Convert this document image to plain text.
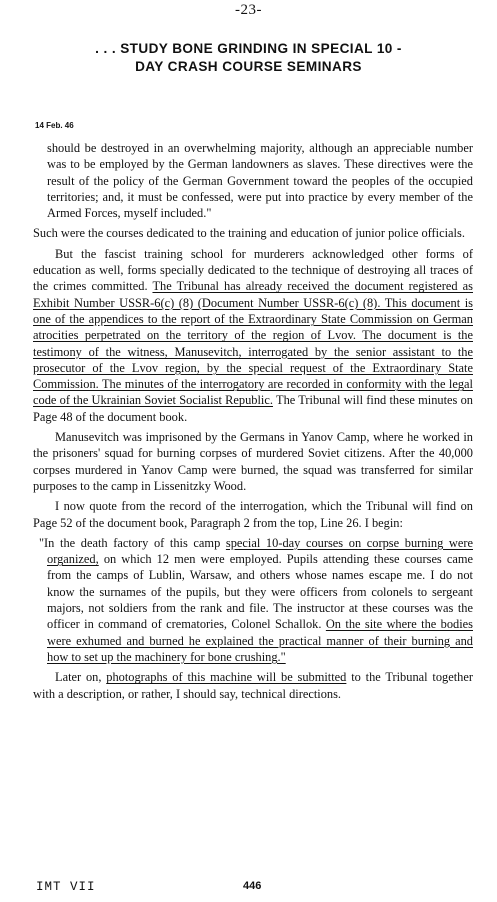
-23-
. . . STUDY BONE GRINDING IN SPECIAL 10 -
DAY CRASH COURSE SEMINARS
14 Feb. 46

should be destroyed in an overwhelming majority, although an appreciable number was to be employed by the German landowners as slaves. These directives were the result of the policy of the German Government toward the peoples of the occupied territories; and, it must be confessed, were put into practice by every member of the Armed Forces, myself included."

Such were the courses dedicated to the training and education of junior police officials.

But the fascist training school for murderers acknowledged other forms of education as well, forms specially dedicated to the technique of destroying all traces of the crimes committed. The Tribunal has already received the document registered as Exhibit Number USSR-6(c) (8) (Document Number USSR-6(c) (8). This document is one of the appendices to the report of the Extraordinary State Commission on German atrocities perpetrated on the territory of the region of Lvov. The document is the testimony of the witness, Manusevitch, interrogated by the senior assistant to the prosecutor of the Lvov region, by the special request of the Extraordinary State Commission. The minutes of the interrogatory are recorded in conformity with the legal code of the Ukrainian Soviet Socialist Republic. The Tribunal will find these minutes on Page 48 of the document book.

Manusevitch was imprisoned by the Germans in Yanov Camp, where he worked in the prisoners' squad for burning corpses of murdered Soviet citizens. After the 40,000 corpses murdered in Yanov Camp were burned, the squad was transferred for similar purposes to the camp in Lissenitzky Wood.

I now quote from the record of the interrogation, which the Tribunal will find on Page 52 of the document book, Paragraph 2 from the top, Line 26. I begin:

"In the death factory of this camp special 10-day courses on corpse burning were organized, on which 12 men were employed. Pupils attending these courses came from the camps of Lublin, Warsaw, and others whose names escape me. I do not know the surnames of the pupils, but they were officers from colonels to sergeant majors, not soldiers from the rank and file. The instructor at these courses was the officer in command of crematories, Colonel Schallok. On the site where the bodies were exhumed and burned he explained the practical manner of their burning and how to set up the machinery for bone crushing."

Later on, photographs of this machine will be submitted to the Tribunal together with a description, or rather, I should say, technical directions.

IMT VII	446
